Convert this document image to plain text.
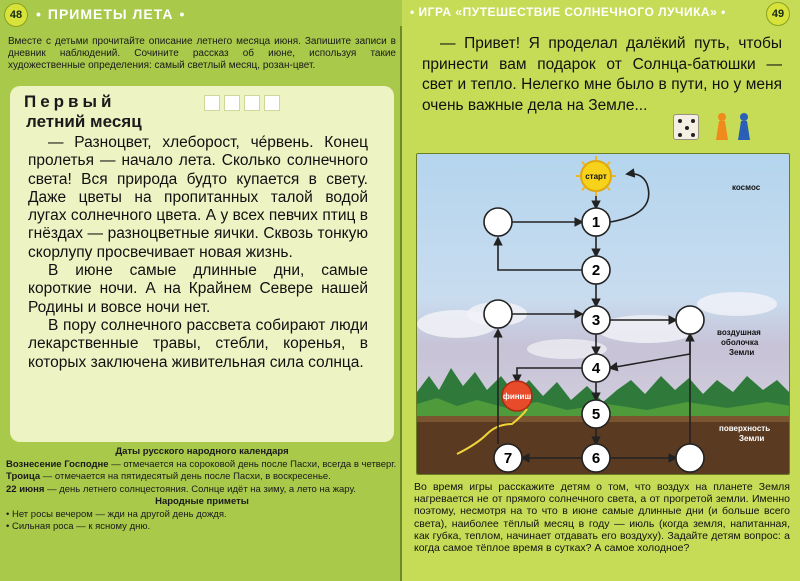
48 • ПРИМЕТЫ ЛЕТА •
Вместе с детьми прочитайте описание летнего месяца июня. Запишите записи в дневник наблюдений. Сочините рассказ об июне, используя такие художественные определения: самый светлый месяц, розан-цвет.
Первый
летний месяц

— Разноцвет, хлеборост, чéрвень. Конец пролетья — начало лета. Сколько солнечного света! Вся природа будто купается в свету. Даже цветы на пропитанных талой водой лугах солнечного цвета. А у всех певчих птиц в гнёздах — разноцветные яички. Сквозь тонкую скорлупу просвечивает новая жизнь.

В июне самые длинные дни, самые короткие ночи. А на Крайнем Севере нашей Родины и вовсе ночи нет.

В пору солнечного рассвета собирают люди лекарственные травы, стебли, коренья, в которых заключена живительная сила солнца.

Даты русского народного календаря
Вознесение Господне — отмечается на сороковой день после Пасхи, всегда в четверг.
Троица — отмечается на пятидесятый день после Пасхи, в воскресенье.
22 июня — день летнего солнцестояния. Солнце идёт на зиму, а лето на жару.
Народные приметы
• Нет росы вечером — жди на другой день дождя.
• Сильная роса — к ясному дню.
• ИГРА «ПУТЕШЕСТВИЕ СОЛНЕЧНОГО ЛУЧИКА» •	49

— Привет! Я проделал далёкий путь, чтобы принести вам подарок от Солнца-батюшки — свет и тепло. Нелегко мне было в пути, но у меня очень важные дела на Земле...

старт
финиш
1
2
3
4
5
6
7
космос
воздушная
оболочка
Земли
поверхность
Земли
Во время игры расскажите детям о том, что воздух на планете Земля нагревается не от прямого солнечного света, а от прогретой земли. Именно поэтому, несмотря на то что в июне самые длинные дни (и больше всего света), наиболее тёплый месяц в году — июль (когда земля, напитанная, как губка, теплом, начинает отдавать его воздуху). Задайте детям вопрос: а когда самое тёплое время в сутках? А самое холодное?
